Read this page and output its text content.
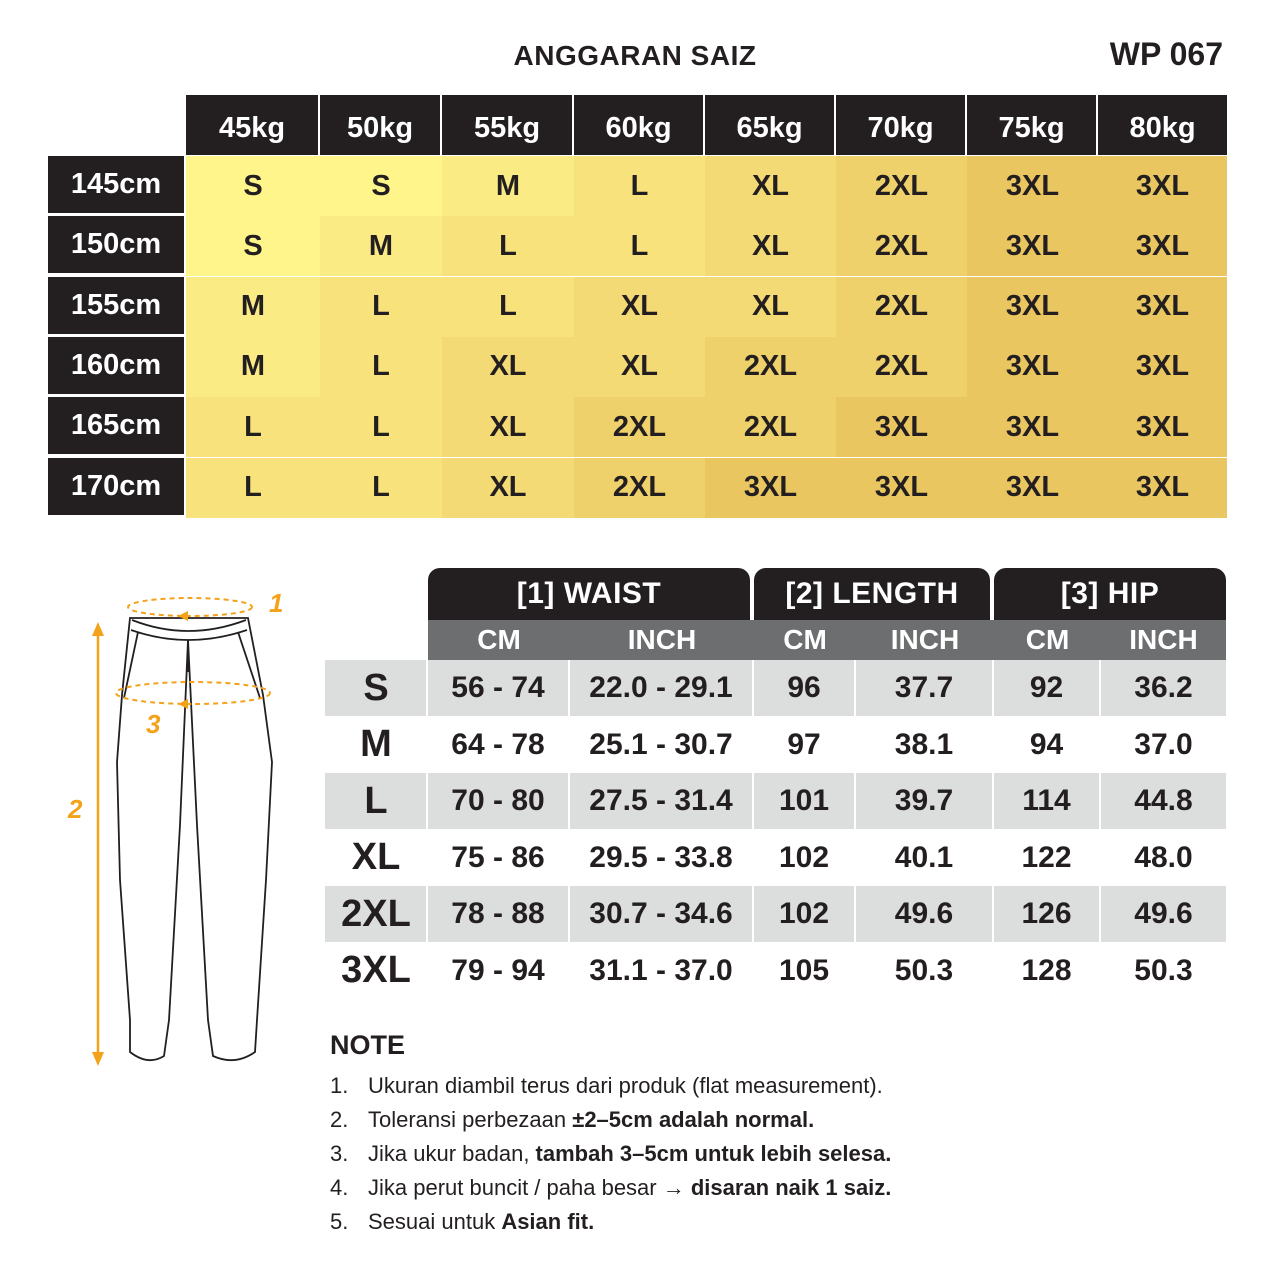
ANGGARAN SAIZ	WP 067
45kg	50kg	55kg	60kg	65kg	70kg	75kg	80kg
145cm	S	S	M	L	XL	2XL	3XL	3XL
150cm	S	M	L	L	XL	2XL	3XL	3XL
155cm	M	L	L	XL	XL	2XL	3XL	3XL
160cm	M	L	XL	XL	2XL	2XL	3XL	3XL
165cm	L	L	XL	2XL	2XL	3XL	3XL	3XL
170cm	L	L	XL	2XL	3XL	3XL	3XL	3XL
1
3
2
[1] WAIST	[2] LENGTH	[3] HIP
CM	INCH	CM	INCH	CM	INCH
S	56 - 74	22.0 - 29.1	96	37.7	92	36.2
M	64 - 78	25.1 - 30.7	97	38.1	94	37.0
L	70 - 80	27.5 - 31.4	101	39.7	114	44.8
XL	75 - 86	29.5 - 33.8	102	40.1	122	48.0
2XL	78 - 88	30.7 - 34.6	102	49.6	126	49.6
3XL	79 - 94	31.1 - 37.0	105	50.3	128	50.3
NOTE
1. Ukuran diambil terus dari produk (flat measurement).
2. Toleransi perbezaan ±2–5cm adalah normal.
3. Jika ukur badan, tambah 3–5cm untuk lebih selesa.
4. Jika perut buncit / paha besar → disaran naik 1 saiz.
5. Sesuai untuk Asian fit.
